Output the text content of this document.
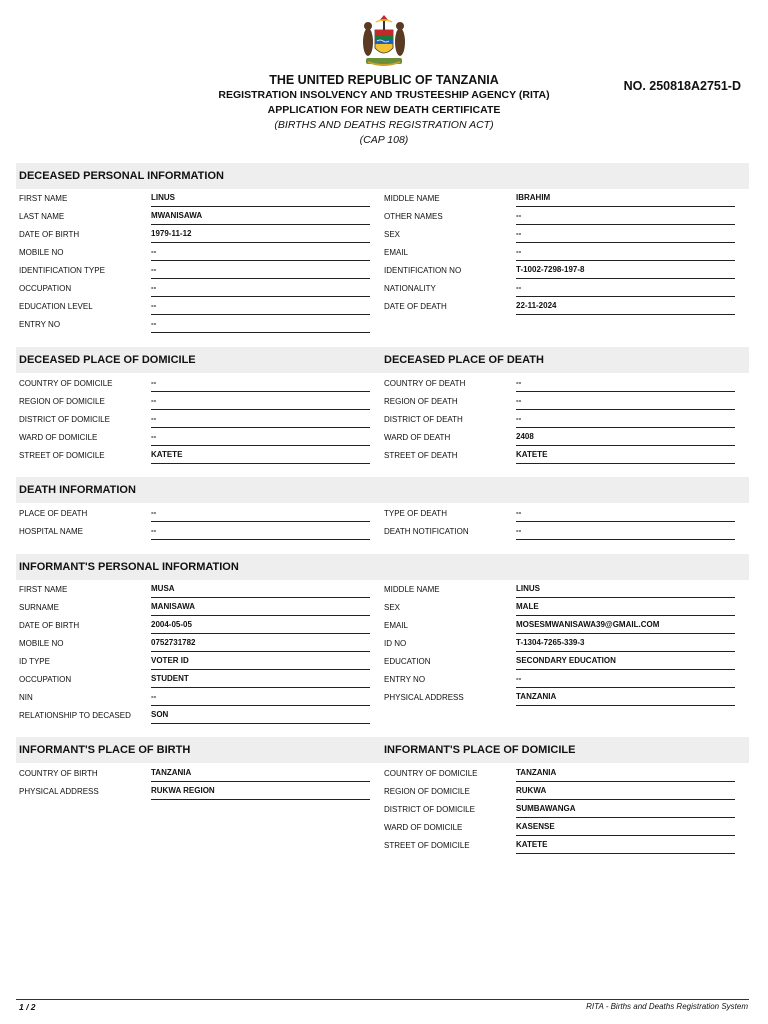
THE UNITED REPUBLIC OF TANZANIA
REGISTRATION INSOLVENCY AND TRUSTEESHIP AGENCY (RITA)
APPLICATION FOR NEW DEATH CERTIFICATE
(BIRTHS AND DEATHS REGISTRATION ACT)
(CAP 108)
NO. 250818A2751-D
DECEASED PERSONAL INFORMATION
DECEASED PLACE OF DOMICILE	DECEASED PLACE OF DEATH
DEATH INFORMATION
INFORMANT'S PERSONAL INFORMATION
INFORMANT'S PLACE OF BIRTH	INFORMANT'S PLACE OF DOMICILE
1 / 2	RITA - Births and Deaths Registration System
FIRST NAME	LINUS
LAST NAME	MWANISAWA
DATE OF BIRTH	1979-11-12
MOBILE NO	--
IDENTIFICATION TYPE	--
OCCUPATION	--
EDUCATION LEVEL	--
ENTRY NO	--
MIDDLE NAME	IBRAHIM
OTHER NAMES	--
SEX	--
EMAIL	--
IDENTIFICATION NO	T-1002-7298-197-8
NATIONALITY	--
DATE OF DEATH	22-11-2024
COUNTRY OF DOMICILE	--
REGION OF DOMICILE	--
DISTRICT OF DOMICILE	--
WARD OF DOMICILE	--
STREET OF DOMICILE	KATETE
COUNTRY OF DEATH	--
REGION OF DEATH	--
DISTRICT OF DEATH	--
WARD OF DEATH	2408
STREET OF DEATH	KATETE
PLACE OF DEATH	--
HOSPITAL NAME	--
TYPE OF DEATH	--
DEATH NOTIFICATION	--
FIRST NAME	MUSA
SURNAME	MANISAWA
DATE OF BIRTH	2004-05-05
MOBILE NO	0752731782
ID TYPE	VOTER ID
OCCUPATION	STUDENT
NIN	--
RELATIONSHIP TO DECASED	SON
MIDDLE NAME	LINUS
SEX	MALE
EMAIL	MOSESMWANISAWA39@GMAIL.COM
ID NO	T-1304-7265-339-3
EDUCATION	SECONDARY EDUCATION
ENTRY NO	--
PHYSICAL ADDRESS	TANZANIA
COUNTRY OF BIRTH	TANZANIA
PHYSICAL ADDRESS	RUKWA REGION
COUNTRY OF DOMICILE	TANZANIA
REGION OF DOMICILE	RUKWA
DISTRICT OF DOMICILE	SUMBAWANGA
WARD OF DOMICILE	KASENSE
STREET OF DOMICILE	KATETE
